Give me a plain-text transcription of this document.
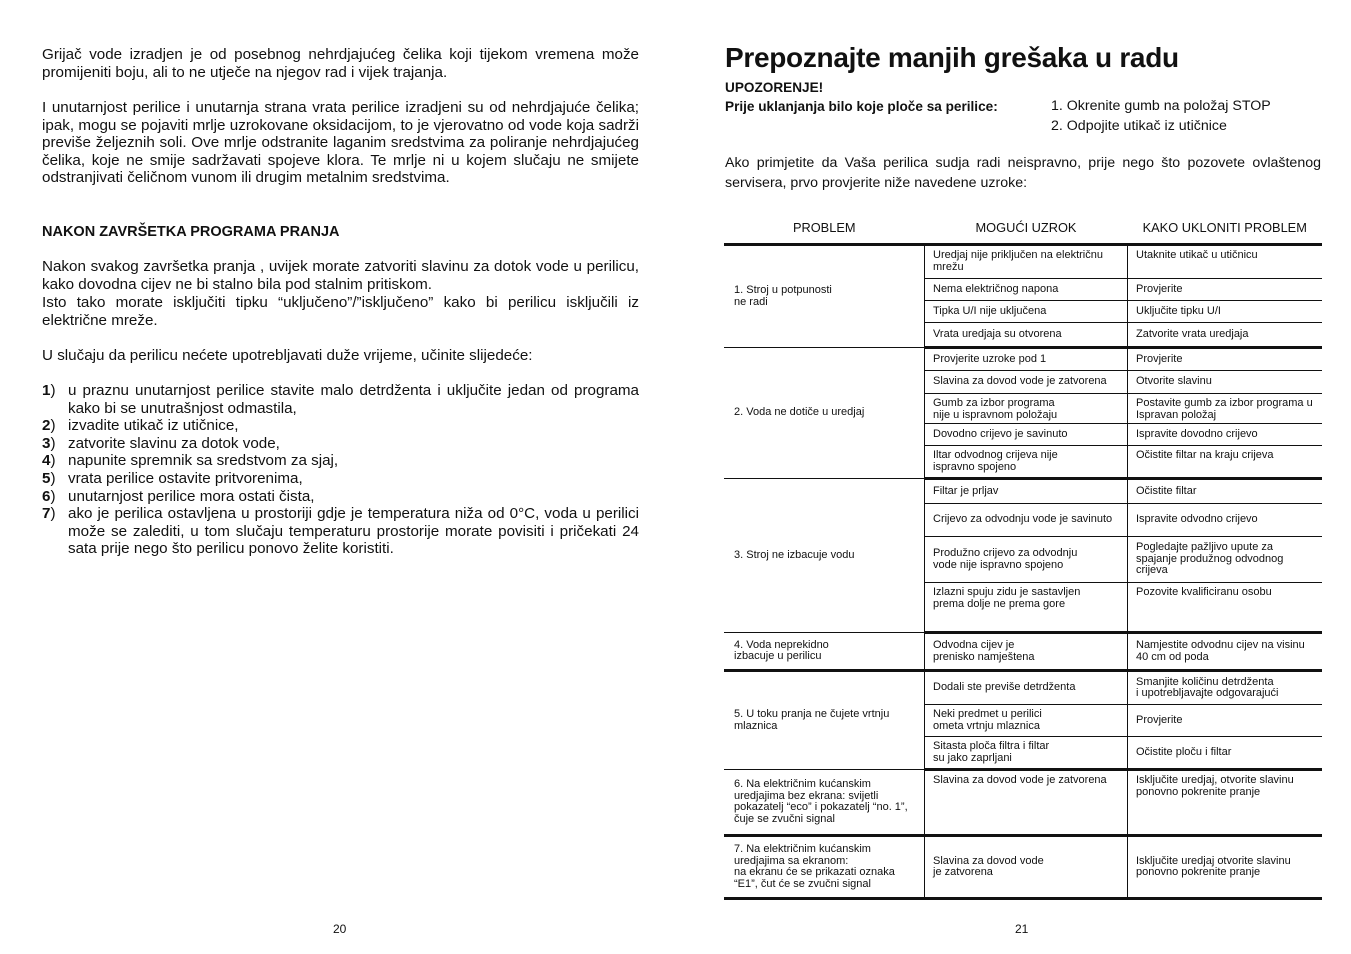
Grijač vode izradjen je od posebnog nehrdjajućeg čelika koji tijekom vremena može promijeniti boju, ali to ne utječe na njegov rad i vijek trajanja.

I unutarnjost perilice i unutarnja strana vrata perilice izradjeni su od nehrdjajuće čelika; ipak, mogu se pojaviti mrlje uzrokovane oksidacijom, to je vjerovatno od vode koja sadrži previše željeznih soli. Ove mrlje odstranite laganim sredstvima za poliranje nehrdjajućeg čelika, koje ne smije sadržavati spojeve klora. Te mrlje ni u kojem slučaju ne smijete odstranjivati čeličnom vunom ili drugim metalnim sredstvima.

NAKON ZAVRŠETKA PROGRAMA PRANJA

Nakon svakog završetka pranja , uvijek morate zatvoriti slavinu za dotok vode u perilicu, kako dovodna cijev ne bi stalno bila pod stalnim pritiskom.

Isto tako morate isključiti tipku “uključeno”/”isključeno” kako bi perilicu isključili iz električne mreže.

U slučaju da perilicu nećete upotrebljavati duže vrijeme, učinite slijedeće:

1) u praznu unutarnjost perilice stavite malo detrdženta i uključite jedan od programa kako bi se unutrašnjost odmastila,
2) izvadite utikač iz utičnice,
3) zatvorite slavinu za dotok vode,
4) napunite spremnik sa sredstvom za sjaj,
5) vrata perilice ostavite pritvorenima,
6) unutarnjost perilice mora ostati čista,
7) ako je perilica ostavljena u prostoriji gdje je temperatura niža od 0°C, voda u perilici može se zalediti, u tom slučaju temperaturu prostorije morate povisiti i pričekati 24 sata prije nego što perilicu ponovo želite koristiti.
20
Prepoznajte manjih grešaka u radu
UPOZORENJE!
Prije uklanjanja bilo koje ploče sa perilice:	1. Okrenite gumb na položaj STOP
2. Odpojite utikač iz utičnice

Ako primjetite da Vaša perilica sudja radi neispravno, prije nego što pozovete ovlaštenog servisera, prvo provjerite niže navedene uzroke:

PROBLEM	MOGUĆI UZROK	KAKO UKLONITI PROBLEM
1. Stroj u potpunosti
ne radi	Uredjaj nije priključen na električnu mrežu	Utaknite utikač u utičnicu
	Nema električnog napona	Provjerite
	Tipka U/I nije uključena	Uključite tipku U/I
	Vrata uredjaja su otvorena	Zatvorite vrata uredjaja
2. Voda ne dotiče u uredjaj	Provjerite uzroke pod 1	Provjerite
	Slavina za dovod vode je zatvorena	Otvorite slavinu
	Gumb za izbor programa
nije u ispravnom položaju	Postavite gumb za izbor programa u Ispravan položaj
	Dovodno crijevo je savinuto	Ispravite dovodno crijevo
	Iltar odvodnog crijeva nije
ispravno spojeno	Očistite filtar na kraju crijeva
3. Stroj ne izbacuje vodu	Filtar je prljav	Očistite filtar
	Crijevo za odvodnju vode je savinuto	Ispravite odvodno crijevo
	Produžno crijevo za odvodnju
vode nije ispravno spojeno	Pogledajte pažljivo upute za spajanje produžnog odvodnog crijeva
	Izlazni spuju zidu je sastavljen
prema dolje ne prema gore	Pozovite kvalificiranu osobu
4. Voda neprekidno
izbacuje u perilicu	Odvodna cijev je
prenisko namještena	Namjestite odvodnu cijev na visinu 40 cm od poda
5. U toku pranja ne čujete vrtnju
mlaznica	Dodali ste previše detrdženta	Smanjite količinu detrdženta
i upotrebljavajte odgovarajući
	Neki predmet u perilici
ometa vrtnju mlaznica	Provjerite
	Sitasta ploča filtra i filtar
su jako zaprljani	Očistite ploču i filtar
6. Na električnim kućanskim uredjajima bez ekrana: svijetli pokazatelj “eco” i pokazatelj “no. 1”, čuje se zvučni signal	Slavina za dovod vode je zatvorena	Isključite uredjaj, otvorite slavinu ponovno pokrenite pranje
7. Na električnim kućanskim
uredjajima sa ekranom:
na ekranu će se prikazati oznaka
“E1”, čut će se zvučni signal	Slavina za dovod vode
je zatvorena	Isključite uredjaj otvorite slavinu ponovno pokrenite pranje
21
